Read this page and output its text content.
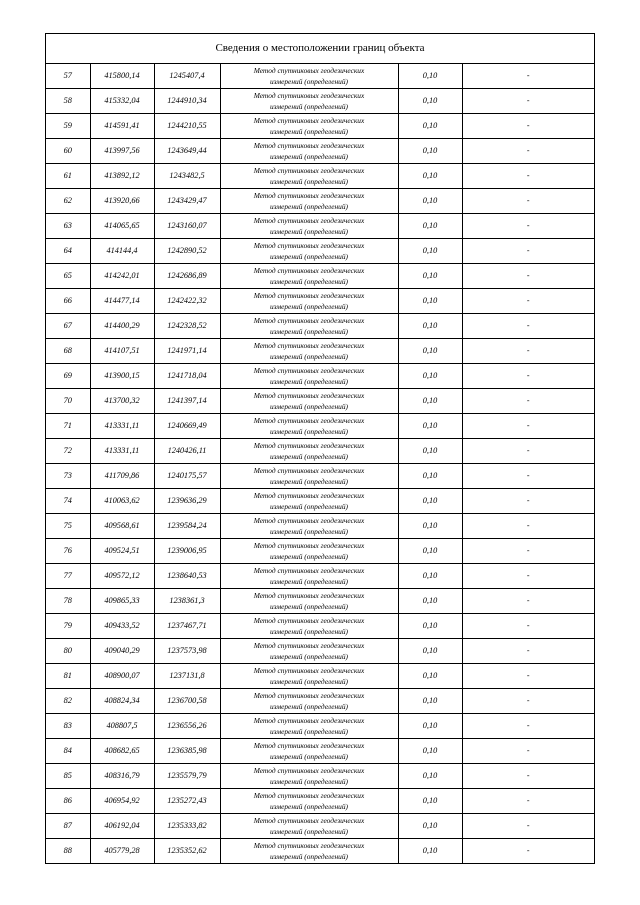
Сведения о местоположении границ объекта
57	415800,14	1245407,4	Метод спутниковых геодезических
измерений (определений)	0,10	-
58	415332,04	1244910,34	Метод спутниковых геодезических
измерений (определений)	0,10	-
59	414591,41	1244210,55	Метод спутниковых геодезических
измерений (определений)	0,10	-
60	413997,56	1243649,44	Метод спутниковых геодезических
измерений (определений)	0,10	-
61	413892,12	1243482,5	Метод спутниковых геодезических
измерений (определений)	0,10	-
62	413920,66	1243429,47	Метод спутниковых геодезических
измерений (определений)	0,10	-
63	414065,65	1243160,07	Метод спутниковых геодезических
измерений (определений)	0,10	-
64	414144,4	1242890,52	Метод спутниковых геодезических
измерений (определений)	0,10	-
65	414242,01	1242686,89	Метод спутниковых геодезических
измерений (определений)	0,10	-
66	414477,14	1242422,32	Метод спутниковых геодезических
измерений (определений)	0,10	-
67	414400,29	1242328,52	Метод спутниковых геодезических
измерений (определений)	0,10	-
68	414107,51	1241971,14	Метод спутниковых геодезических
измерений (определений)	0,10	-
69	413900,15	1241718,04	Метод спутниковых геодезических
измерений (определений)	0,10	-
70	413700,32	1241397,14	Метод спутниковых геодезических
измерений (определений)	0,10	-
71	413331,11	1240669,49	Метод спутниковых геодезических
измерений (определений)	0,10	-
72	413331,11	1240426,11	Метод спутниковых геодезических
измерений (определений)	0,10	-
73	411709,86	1240175,57	Метод спутниковых геодезических
измерений (определений)	0,10	-
74	410063,62	1239636,29	Метод спутниковых геодезических
измерений (определений)	0,10	-
75	409568,61	1239584,24	Метод спутниковых геодезических
измерений (определений)	0,10	-
76	409524,51	1239006,95	Метод спутниковых геодезических
измерений (определений)	0,10	-
77	409572,12	1238640,53	Метод спутниковых геодезических
измерений (определений)	0,10	-
78	409865,33	1238361,3	Метод спутниковых геодезических
измерений (определений)	0,10	-
79	409433,52	1237467,71	Метод спутниковых геодезических
измерений (определений)	0,10	-
80	409040,29	1237573,98	Метод спутниковых геодезических
измерений (определений)	0,10	-
81	408900,07	1237131,8	Метод спутниковых геодезических
измерений (определений)	0,10	-
82	408824,34	1236700,58	Метод спутниковых геодезических
измерений (определений)	0,10	-
83	408807,5	1236556,26	Метод спутниковых геодезических
измерений (определений)	0,10	-
84	408682,65	1236385,98	Метод спутниковых геодезических
измерений (определений)	0,10	-
85	408316,79	1235579,79	Метод спутниковых геодезических
измерений (определений)	0,10	-
86	406954,92	1235272,43	Метод спутниковых геодезических
измерений (определений)	0,10	-
87	406192,04	1235333,82	Метод спутниковых геодезических
измерений (определений)	0,10	-
88	405779,28	1235352,62	Метод спутниковых геодезических
измерений (определений)	0,10	-
